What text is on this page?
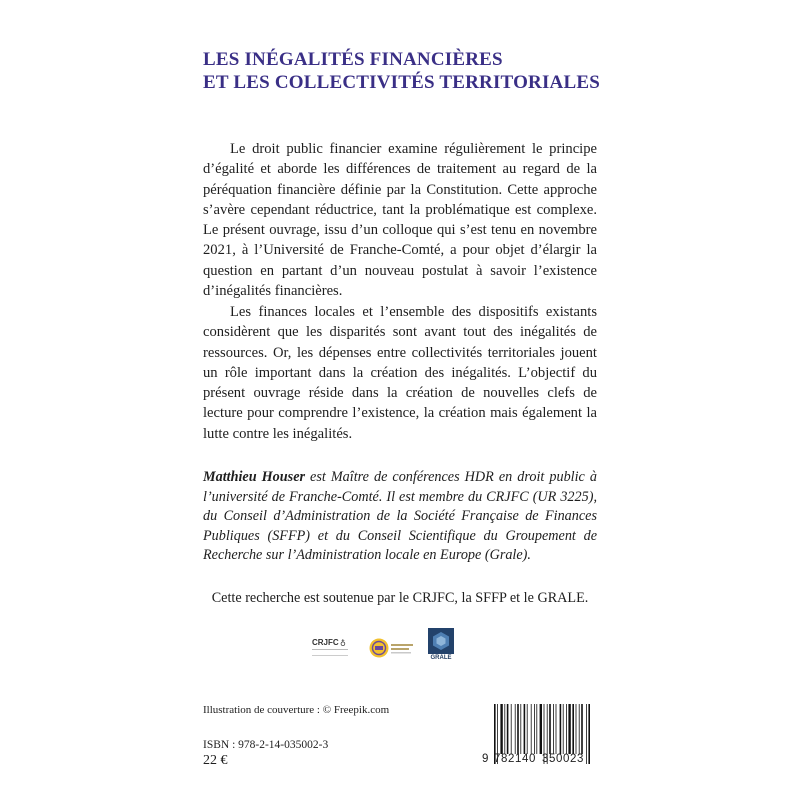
LES INÉGALITÉS FINANCIÈRES
ET LES COLLECTIVITÉS TERRITORIALES
Le droit public financier examine régulièrement le principe d’égalité et aborde les différences de traitement au regard de la péréquation financière définie par la Constitution. Cette approche s’avère cependant réductrice, tant la problématique est complexe. Le présent ouvrage, issu d’un colloque qui s’est tenu en novembre 2021, à l’Université de Franche-Comté, a pour objet d’élargir la question en partant d’un nouveau postulat à savoir l’existence d’inégalités financières.
Les finances locales et l’ensemble des dispositifs existants considèrent que les disparités sont avant tout des inégalités de ressources. Or, les dépenses entre collectivités territoriales jouent un rôle important dans la création des inégalités. L’objectif du présent ouvrage réside dans la création de nouvelles clefs de lecture pour comprendre l’existence, la création mais également la lutte contre les inégalités.
Matthieu Houser est Maître de conférences HDR en droit public à l’université de Franche-Comté. Il est membre du CRJFC (UR 3225), du Conseil d’Administration de la Société Française de Finances Publiques (SFFP) et du Conseil Scientifique du Groupement de Recherche sur l’Administration locale en Europe (Grale).
Cette recherche est soutenue par le CRJFC, la SFFP et le GRALE.
CRJFC ♁
GRALE
Illustration de couverture : © Freepik.com
ISBN : 978-2-14-035002-3
22 €	9 782140 350023
